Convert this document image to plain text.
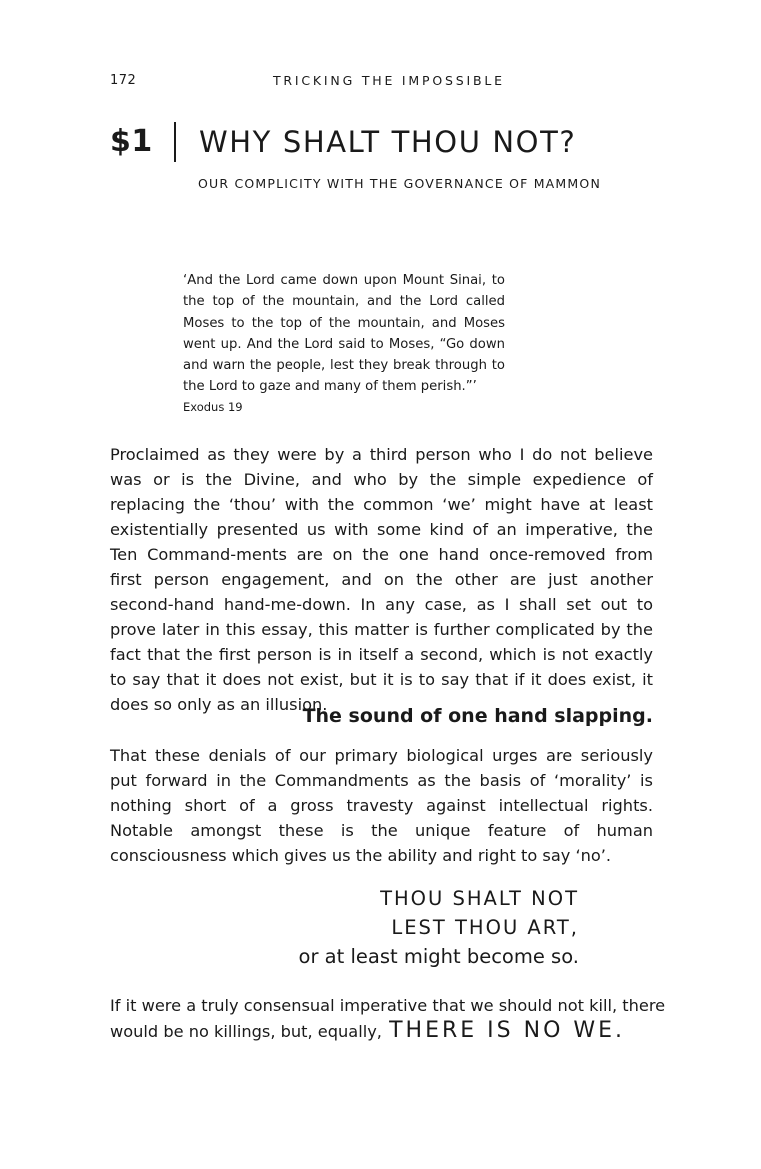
172	TRICKING THE IMPOSSIBLE
$1 WHY SHALT THOU NOT?
OUR COMPLICITY WITH THE GOVERNANCE OF MAMMON

‘And the Lord came down upon Mount Sinai, to the top of the mountain, and the Lord called Moses to the top of the mountain, and Moses went up. And the Lord said to Moses, “Go down and warn the people, lest they break through to the Lord to gaze and many of them perish.”’

Exodus 19

Proclaimed as they were by a third person who I do not believe was or is the Divine, and who by the simple expedience of replacing the ‘thou’ with the common ‘we’ might have at least existentially presented us with some kind of an imperative, the Ten Command-ments are on the one hand once-removed from first person engagement, and on the other are just another second-hand hand-me-down. In any case, as I shall set out to prove later in this essay, this matter is further complicated by the fact that the first person is in itself a second, which is not exactly to say that it does not exist, but it is to say that if it does exist, it does so only as an illusion.

The sound of one hand slapping.

That these denials of our primary biological urges are seriously put forward in the Commandments as the basis of ‘morality’ is nothing short of a gross travesty against intellectual rights. Notable amongst these is the unique feature of human consciousness which gives us the ability and right to say ‘no’.

THOU SHALT NOT

LEST THOU ART,

or at least might become so.

If it were a truly consensual imperative that we should not kill, there

would be no killings, but, equally, THERE IS NO WE.
